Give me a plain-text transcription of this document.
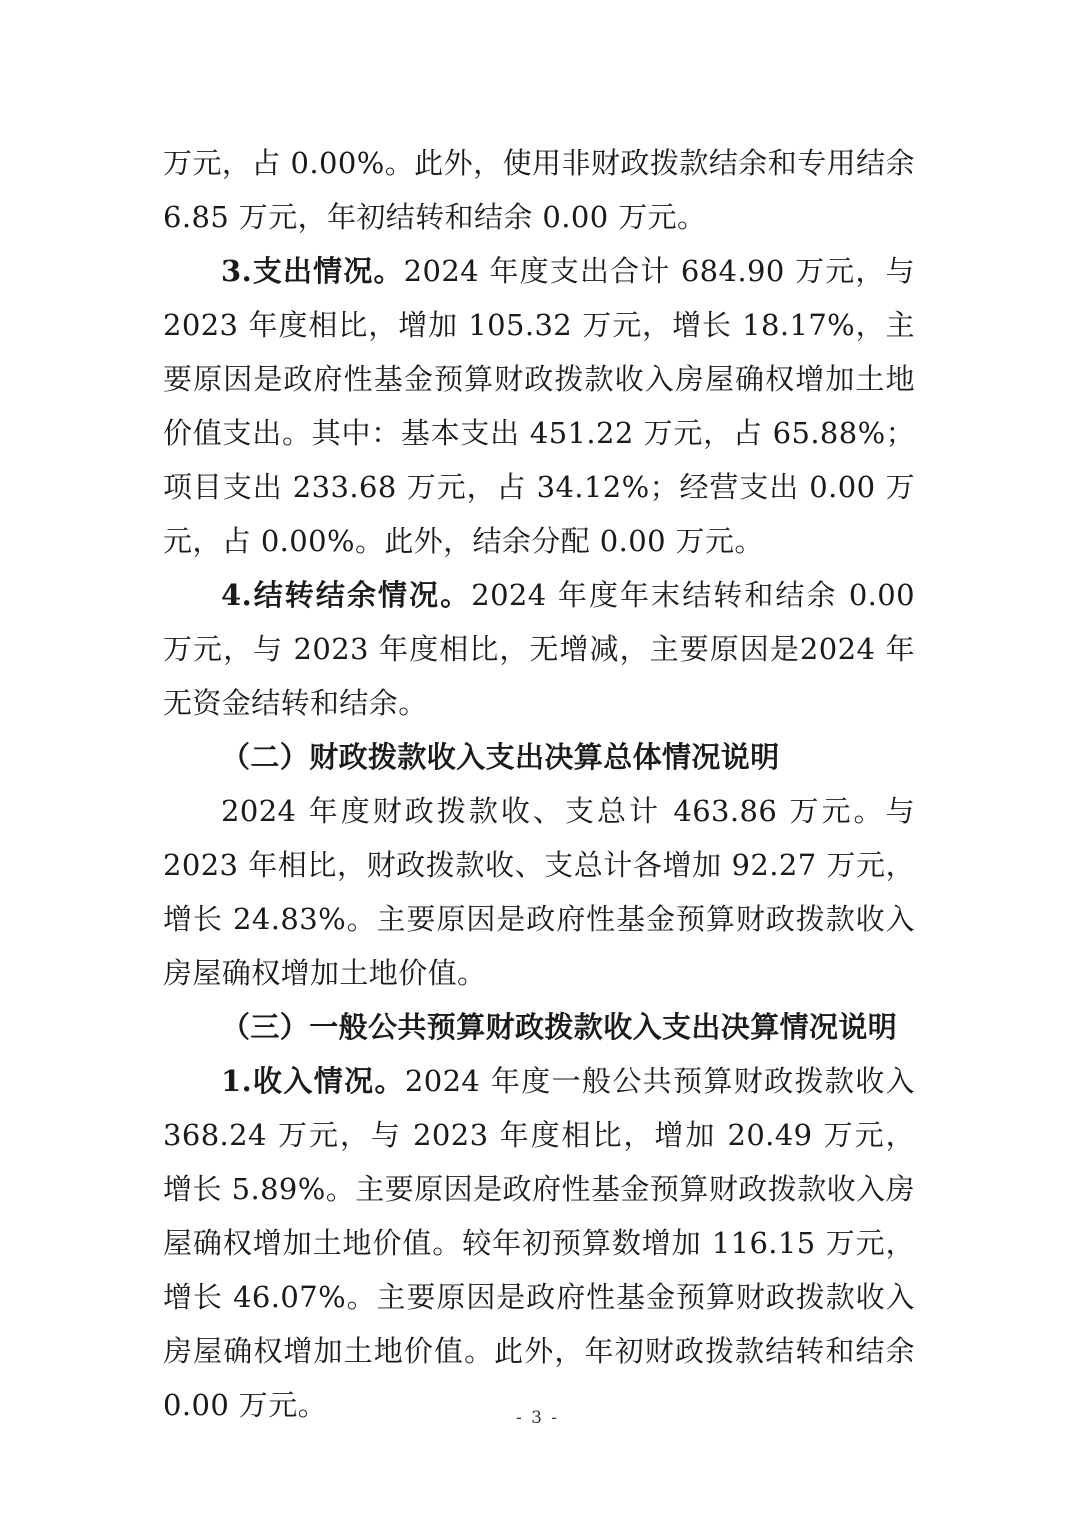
万元，占 0.00%。此外，使用非财政拨款结余和专用结余 6.85 万元，年初结转和结余 0.00 万元。

3.支出情况。2024 年度支出合计 684.90 万元，与 2023 年度相比，增加 105.32 万元，增长 18.17%，主要原因是政府性基金预算财政拨款收入房屋确权增加土地价值支出。其中：基本支出 451.22 万元，占 65.88%；项目支出 233.68 万元，占 34.12%；经营支出 0.00 万元，占 0.00%。此外，结余分配 0.00 万元。

4.结转结余情况。2024 年度年末结转和结余 0.00 万元，与 2023 年度相比，无增减，主要原因是2024 年无资金结转和结余。

（二）财政拨款收入支出决算总体情况说明

2024 年度财政拨款收、支总计 463.86 万元。与 2023 年相比，财政拨款收、支总计各增加 92.27 万元，增长 24.83%。主要原因是政府性基金预算财政拨款收入房屋确权增加土地价值。

（三）一般公共预算财政拨款收入支出决算情况说明

1.收入情况。2024 年度一般公共预算财政拨款收入 368.24 万元，与 2023 年度相比，增加 20.49 万元，增长 5.89%。主要原因是政府性基金预算财政拨款收入房屋确权增加土地价值。较年初预算数增加 116.15 万元，增长 46.07%。主要原因是政府性基金预算财政拨款收入房屋确权增加土地价值。此外，年初财政拨款结转和结余 0.00 万元。	- 3 -
